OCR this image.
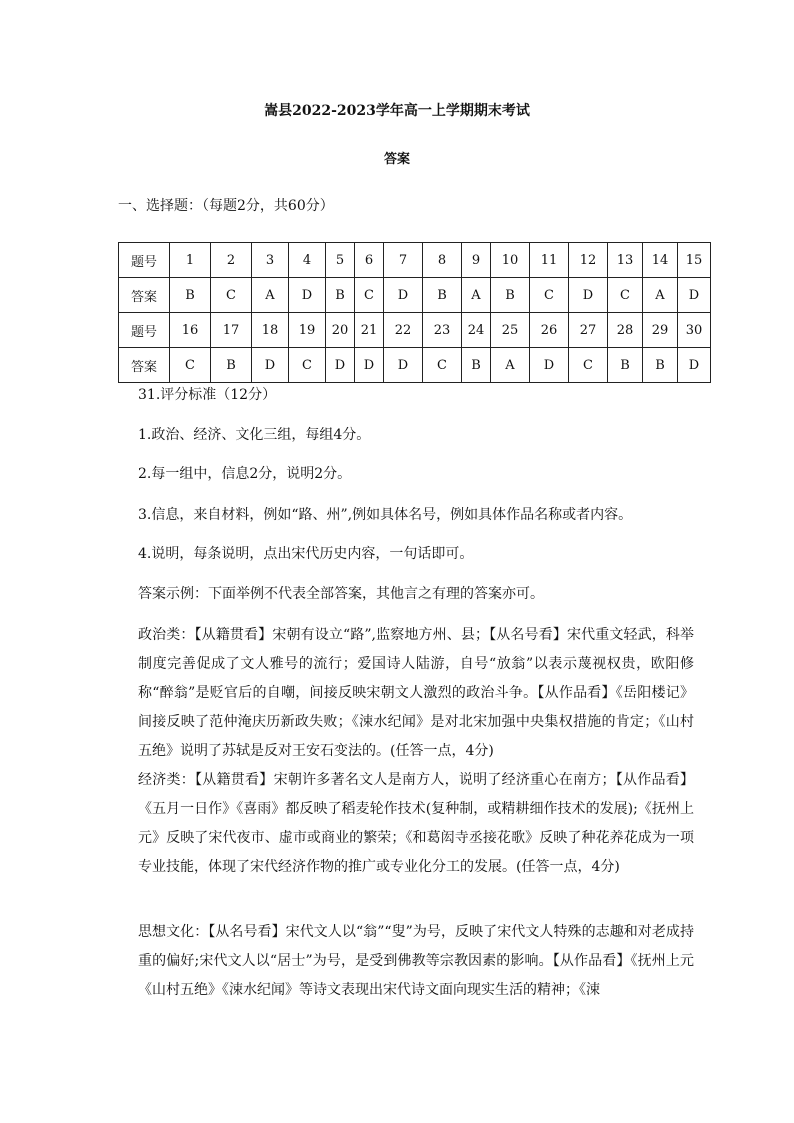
嵩县2022-2023学年高一上学期期末考试
答案
一、选择题：（每题2分，共60分）
题号	1	2	3	4	5	6	7	8	9	10	11	12	13	14	15
答案	B	C	A	D	B	C	D	B	A	B	C	D	C	A	D
题号	16	17	18	19	20	21	22	23	24	25	26	27	28	29	30
答案	C	B	D	C	D	D	D	C	B	A	D	C	B	B	D
31.评分标准（12分）
1.政治、经济、文化三组，每组4分。
2.每一组中，信息2分，说明2分。
3.信息，来自材料，例如“路、州”,例如具体名号，例如具体作品名称或者内容。
4.说明，每条说明，点出宋代历史内容，一句话即可。
答案示例：下面举例不代表全部答案，其他言之有理的答案亦可。
政治类：【从籍贯看】宋朝有设立“路”,监察地方州、县；【从名号看】宋代重文轻武，科举制度完善促成了文人雅号的流行；爱国诗人陆游，自号“放翁”以表示蔑视权贵，欧阳修称“醉翁”是贬官后的自嘲，间接反映宋朝文人激烈的政治斗争。【从作品看】《岳阳楼记》间接反映了范仲淹庆历新政失败；《涑水纪闻》是对北宋加强中央集权措施的肯定；《山村五绝》说明了苏轼是反对王安石变法的。(任答一点，4分)
经济类：【从籍贯看】宋朝许多著名文人是南方人，说明了经济重心在南方；【从作品看】《五月一日作》《喜雨》都反映了稻麦轮作技术(复种制，或精耕细作技术的发展);《抚州上元》反映了宋代夜市、虚市或商业的繁荣；《和葛闳寺丞接花歌》反映了种花养花成为一项专业技能，体现了宋代经济作物的推广或专业化分工的发展。(任答一点，4分)
思想文化：【从名号看】宋代文人以“翁”“叟”为号，反映了宋代文人特殊的志趣和对老成持重的偏好;宋代文人以“居士”为号，是受到佛教等宗教因素的影响。【从作品看】《抚州上元《山村五绝》《涑水纪闻》等诗文表现出宋代诗文面向现实生活的精神；《涑
